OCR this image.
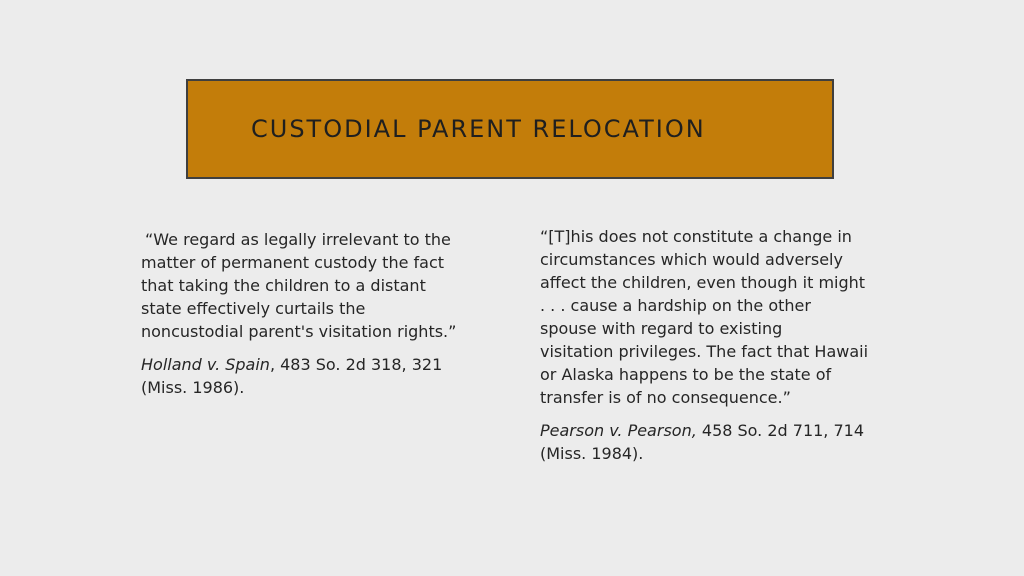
CUSTODIAL PARENT RELOCATION

“We regard as legally irrelevant to the
matter of permanent custody the fact
that taking the children to a distant
state effectively curtails the
noncustodial parent's visitation rights.”

Holland v. Spain, 483 So. 2d 318, 321
(Miss. 1986).

“[T]his does not constitute a change in
circumstances which would adversely
affect the children, even though it might
. . . cause a hardship on the other
spouse with regard to existing
visitation privileges. The fact that Hawaii
or Alaska happens to be the state of
transfer is of no consequence.”

Pearson v. Pearson, 458 So. 2d 711, 714
(Miss. 1984).
